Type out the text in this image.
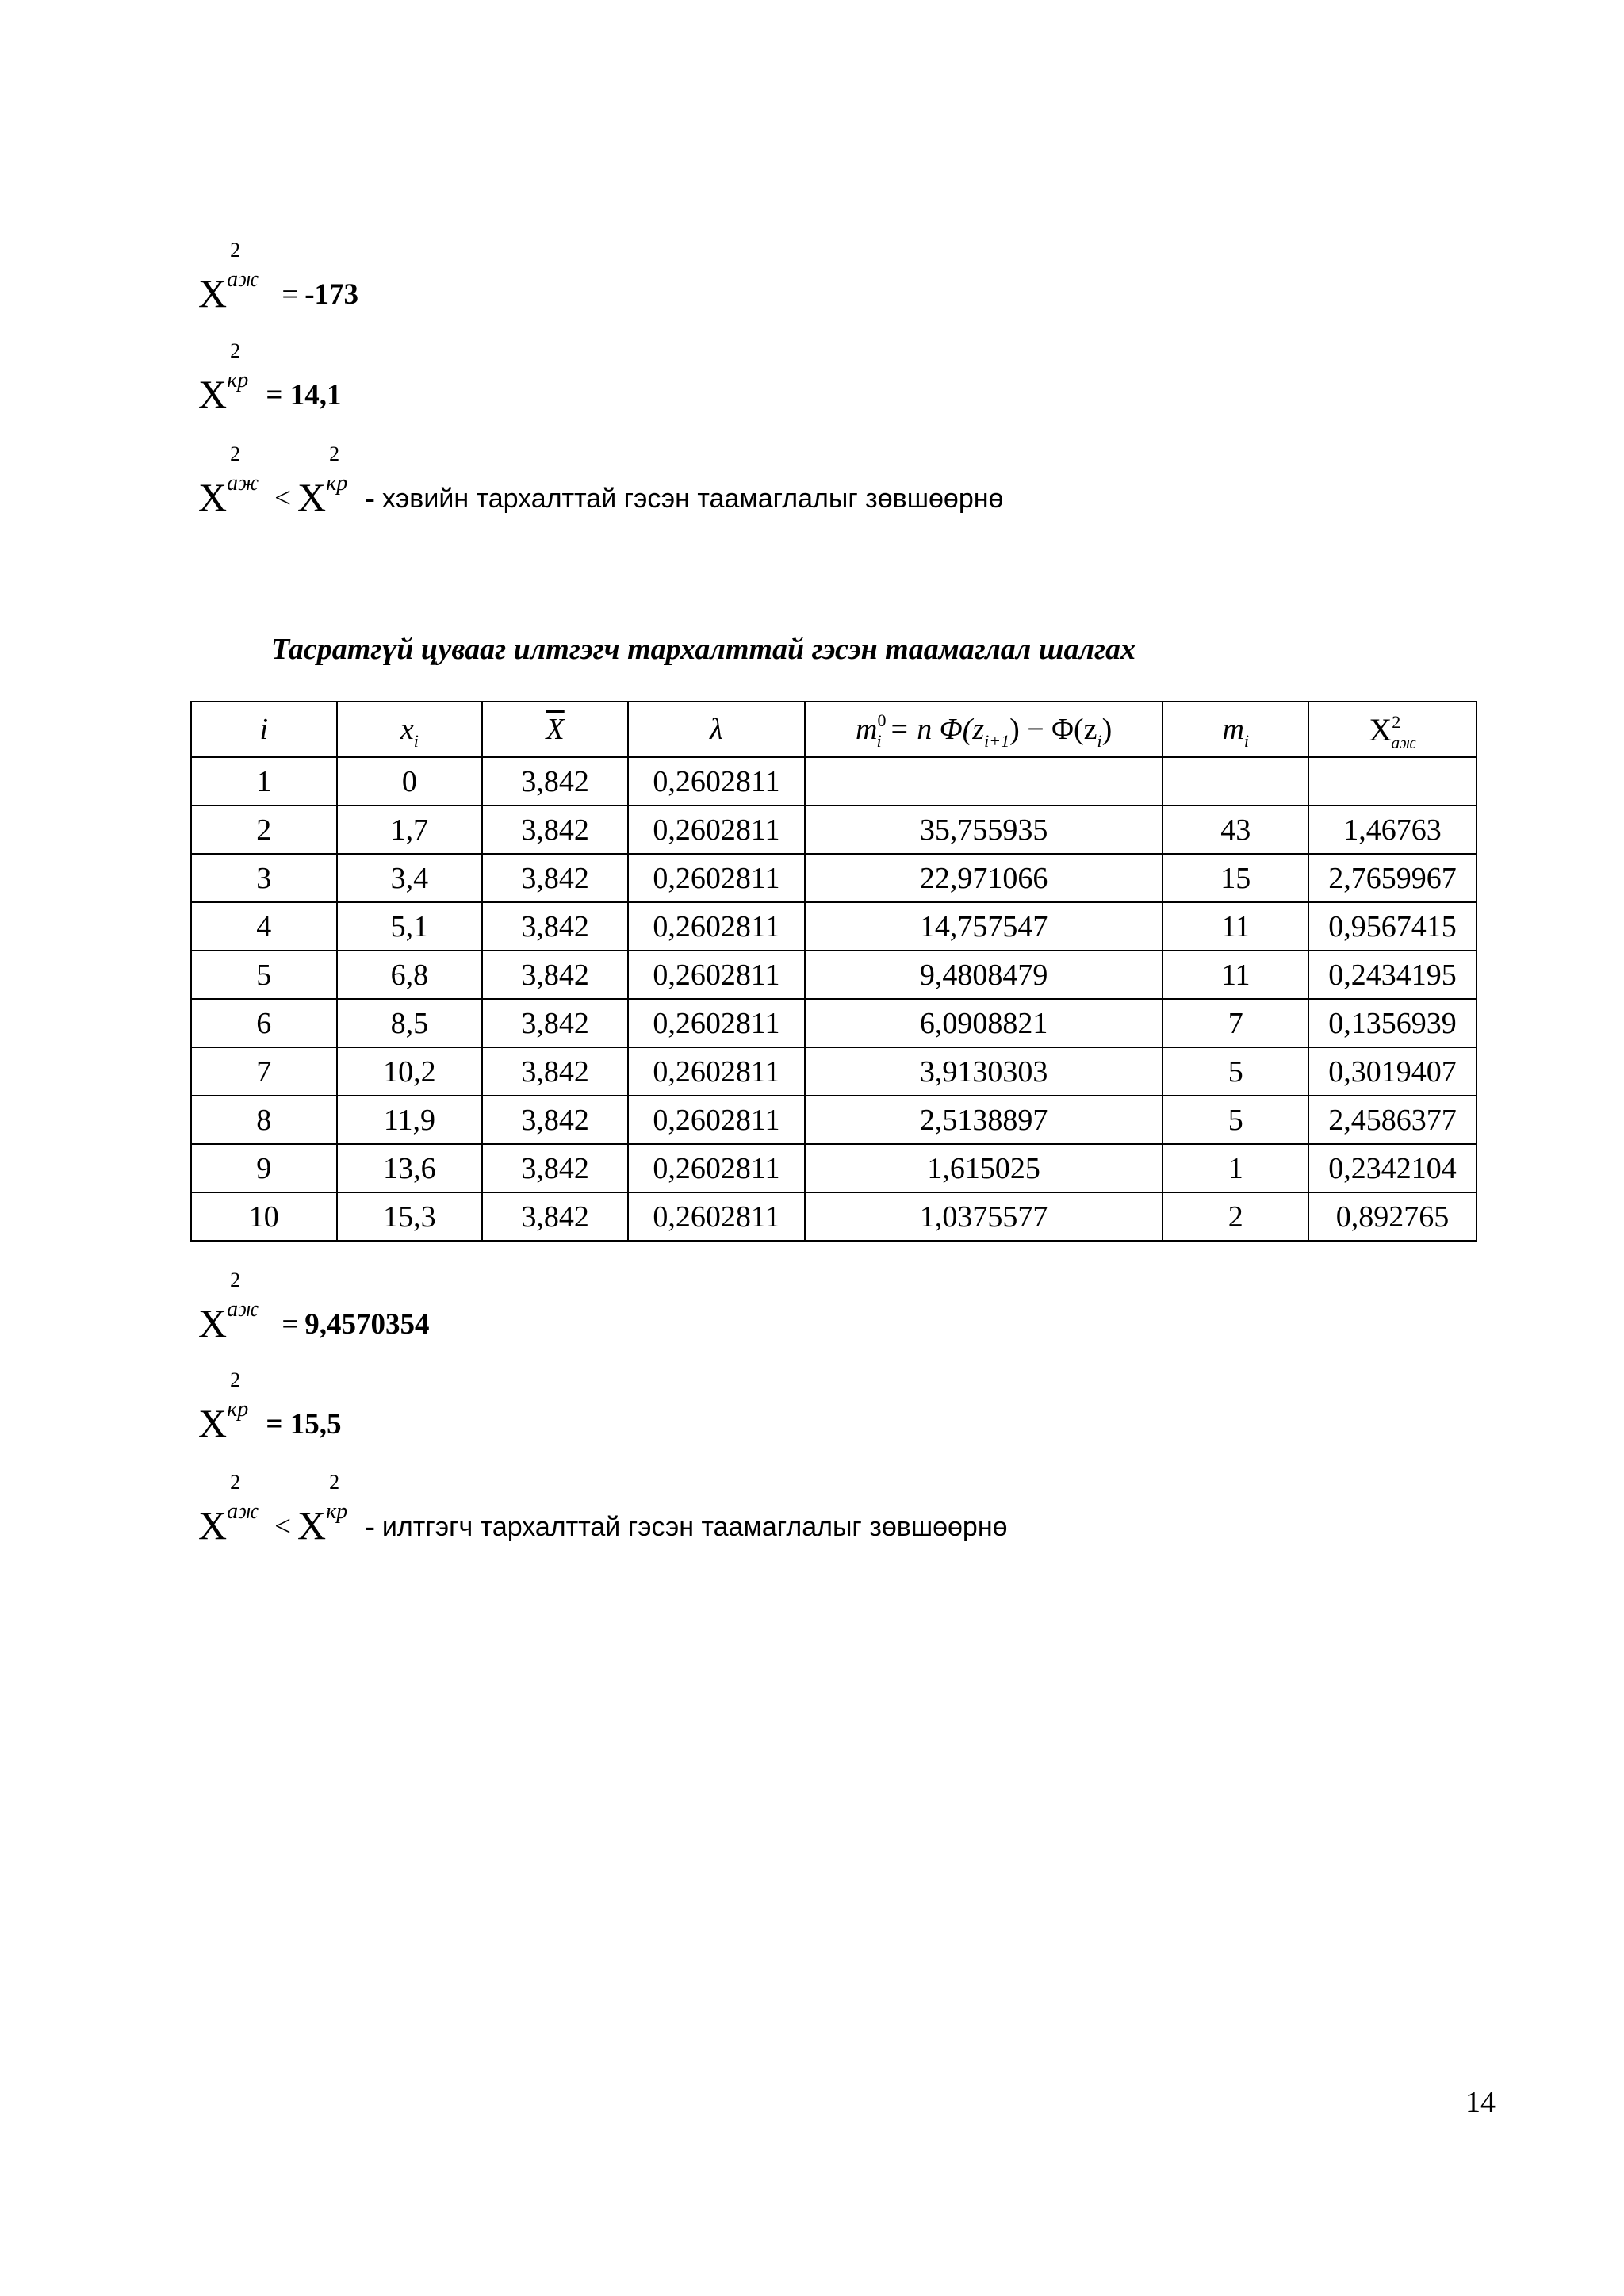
X
2
аж = -173
X
2
кр = 14,1
X
2
аж < X
2
кр - хэвийн тархалттай гэсэн таамаглалыг зөвшөөрнө
Тасратгүй цуваaг илтгэгч тархалттай гэсэн таамаглал шалгах
i	$x_i$	$\overline{X}$	λ	$m^0_i = n$ $\Phi(z_{i+1}) - \Phi(z_i)$	$m_i$	$X^2_{аж}$
1	0	3,842	0,2602811			
2	1,7	3,842	0,2602811	35,755935	43	1,46763
3	3,4	3,842	0,2602811	22,971066	15	2,7659967
4	5,1	3,842	0,2602811	14,757547	11	0,9567415
5	6,8	3,842	0,2602811	9,4808479	11	0,2434195
6	8,5	3,842	0,2602811	6,0908821	7	0,1356939
7	10,2	3,842	0,2602811	3,9130303	5	0,3019407
8	11,9	3,842	0,2602811	2,5138897	5	2,4586377
9	13,6	3,842	0,2602811	1,615025	1	0,2342104
10	15,3	3,842	0,2602811	1,0375577	2	0,892765
X
2
аж = 9,4570354
X
2
кр = 15,5
X
2
аж < X
2
кр - илтгэгч тархалттай гэсэн таамаглалыг зөвшөөрнө
14
